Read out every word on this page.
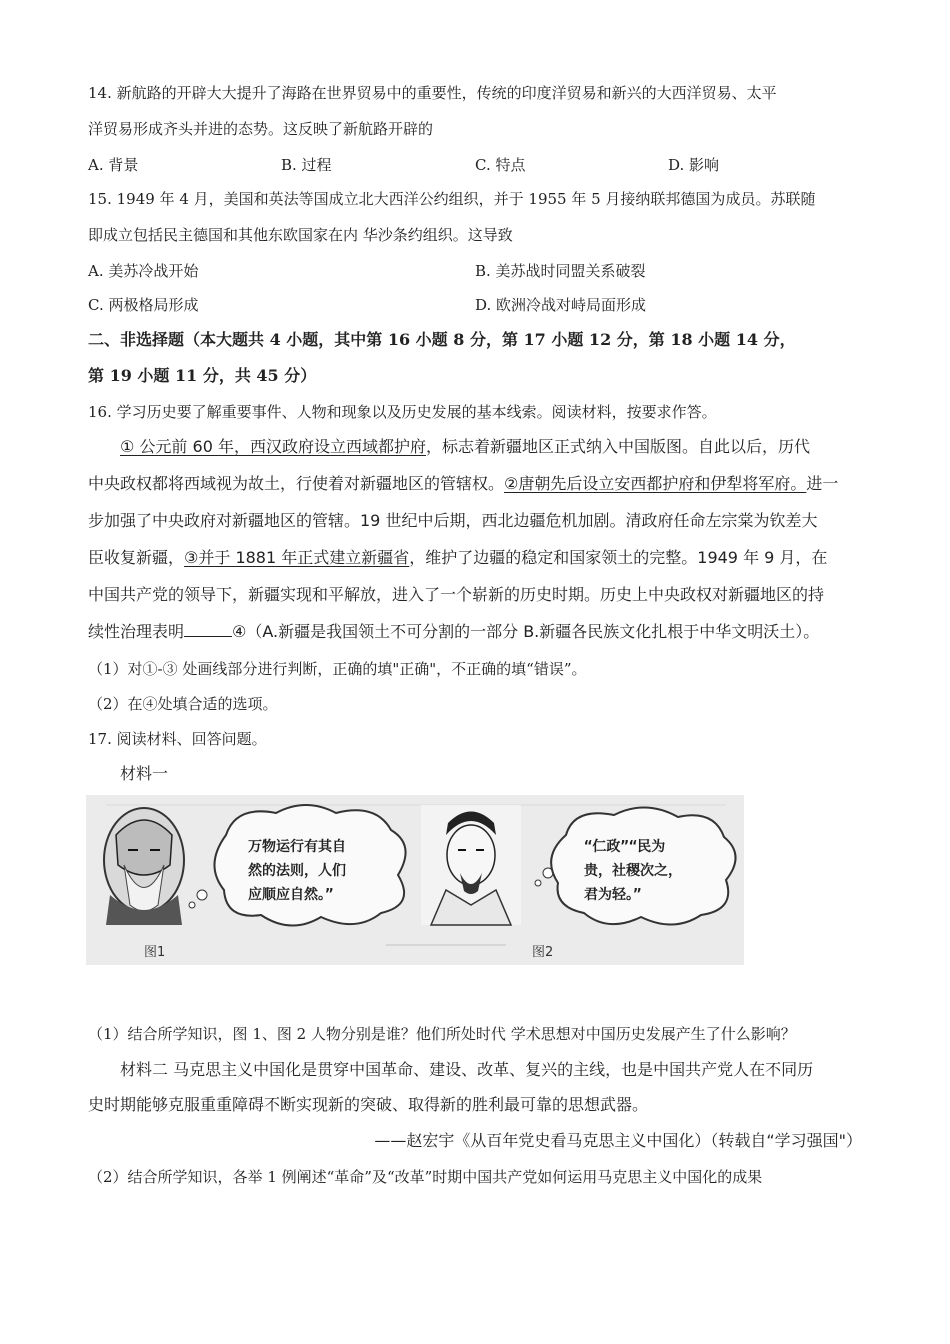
14. 新航路的开辟大大提升了海路在世界贸易中的重要性，传统的印度洋贸易和新兴的大西洋贸易、太平
洋贸易形成齐头并进的态势。这反映了新航路开辟的
A. 背景	B. 过程	C. 特点	D. 影响
15. 1949 年 4 月，美国和英法等国成立北大西洋公约组织，并于 1955 年 5 月接纳联邦德国为成员。苏联随
即成立包括民主德国和其他东欧国家在内 华沙条约组织。这导致
A. 美苏冷战开始	B. 美苏战时同盟关系破裂
C. 两极格局形成	D. 欧洲冷战对峙局面形成
二、非选择题（本大题共 4 小题，其中第 16 小题 8 分，第 17 小题 12 分，第 18 小题 14 分，
第 19 小题 11 分，共 45 分）
16. 学习历史要了解重要事件、人物和现象以及历史发展的基本线索。阅读材料，按要求作答。
① 公元前 60 年，西汉政府设立西域都护府，标志着新疆地区正式纳入中国版图。自此以后，历代
中央政权都将西域视为故土，行使着对新疆地区的管辖权。②唐朝先后设立安西都护府和伊犁将军府。进一
步加强了中央政府对新疆地区的管辖。19 世纪中后期，西北边疆危机加剧。清政府任命左宗棠为钦差大
臣收复新疆，③并于 1881 年正式建立新疆省，维护了边疆的稳定和国家领土的完整。1949 年 9 月，在
中国共产党的领导下，新疆实现和平解放，进入了一个崭新的历史时期。历史上中央政权对新疆地区的持
续性治理表明	④（A.新疆是我国领土不可分割的一部分 B.新疆各民族文化扎根于中华文明沃土）。
（1）对①-③ 处画线部分进行判断，正确的填"正确"，不正确的填“错误”。
（2）在④处填合适的选项。
17. 阅读材料、回答问题。
材料一
万物运行有其自
然的法则，人们
应顺应自然。”
“仁政”“民为
贵，社稷次之，
君为轻。”
图1	图2
（1）结合所学知识，图 1、图 2 人物分别是谁？他们所处时代 学术思想对中国历史发展产生了什么影响？
材料二 马克思主义中国化是贯穿中国革命、建设、改革、复兴的主线，也是中国共产党人在不同历
史时期能够克服重重障碍不断实现新的突破、取得新的胜利最可靠的思想武器。
——赵宏宇《从百年党史看马克思主义中国化）（转载自“学习强国"）
（2）结合所学知识，各举 1 例阐述“革命”及“改革”时期中国共产党如何运用马克思主义中国化的成果
